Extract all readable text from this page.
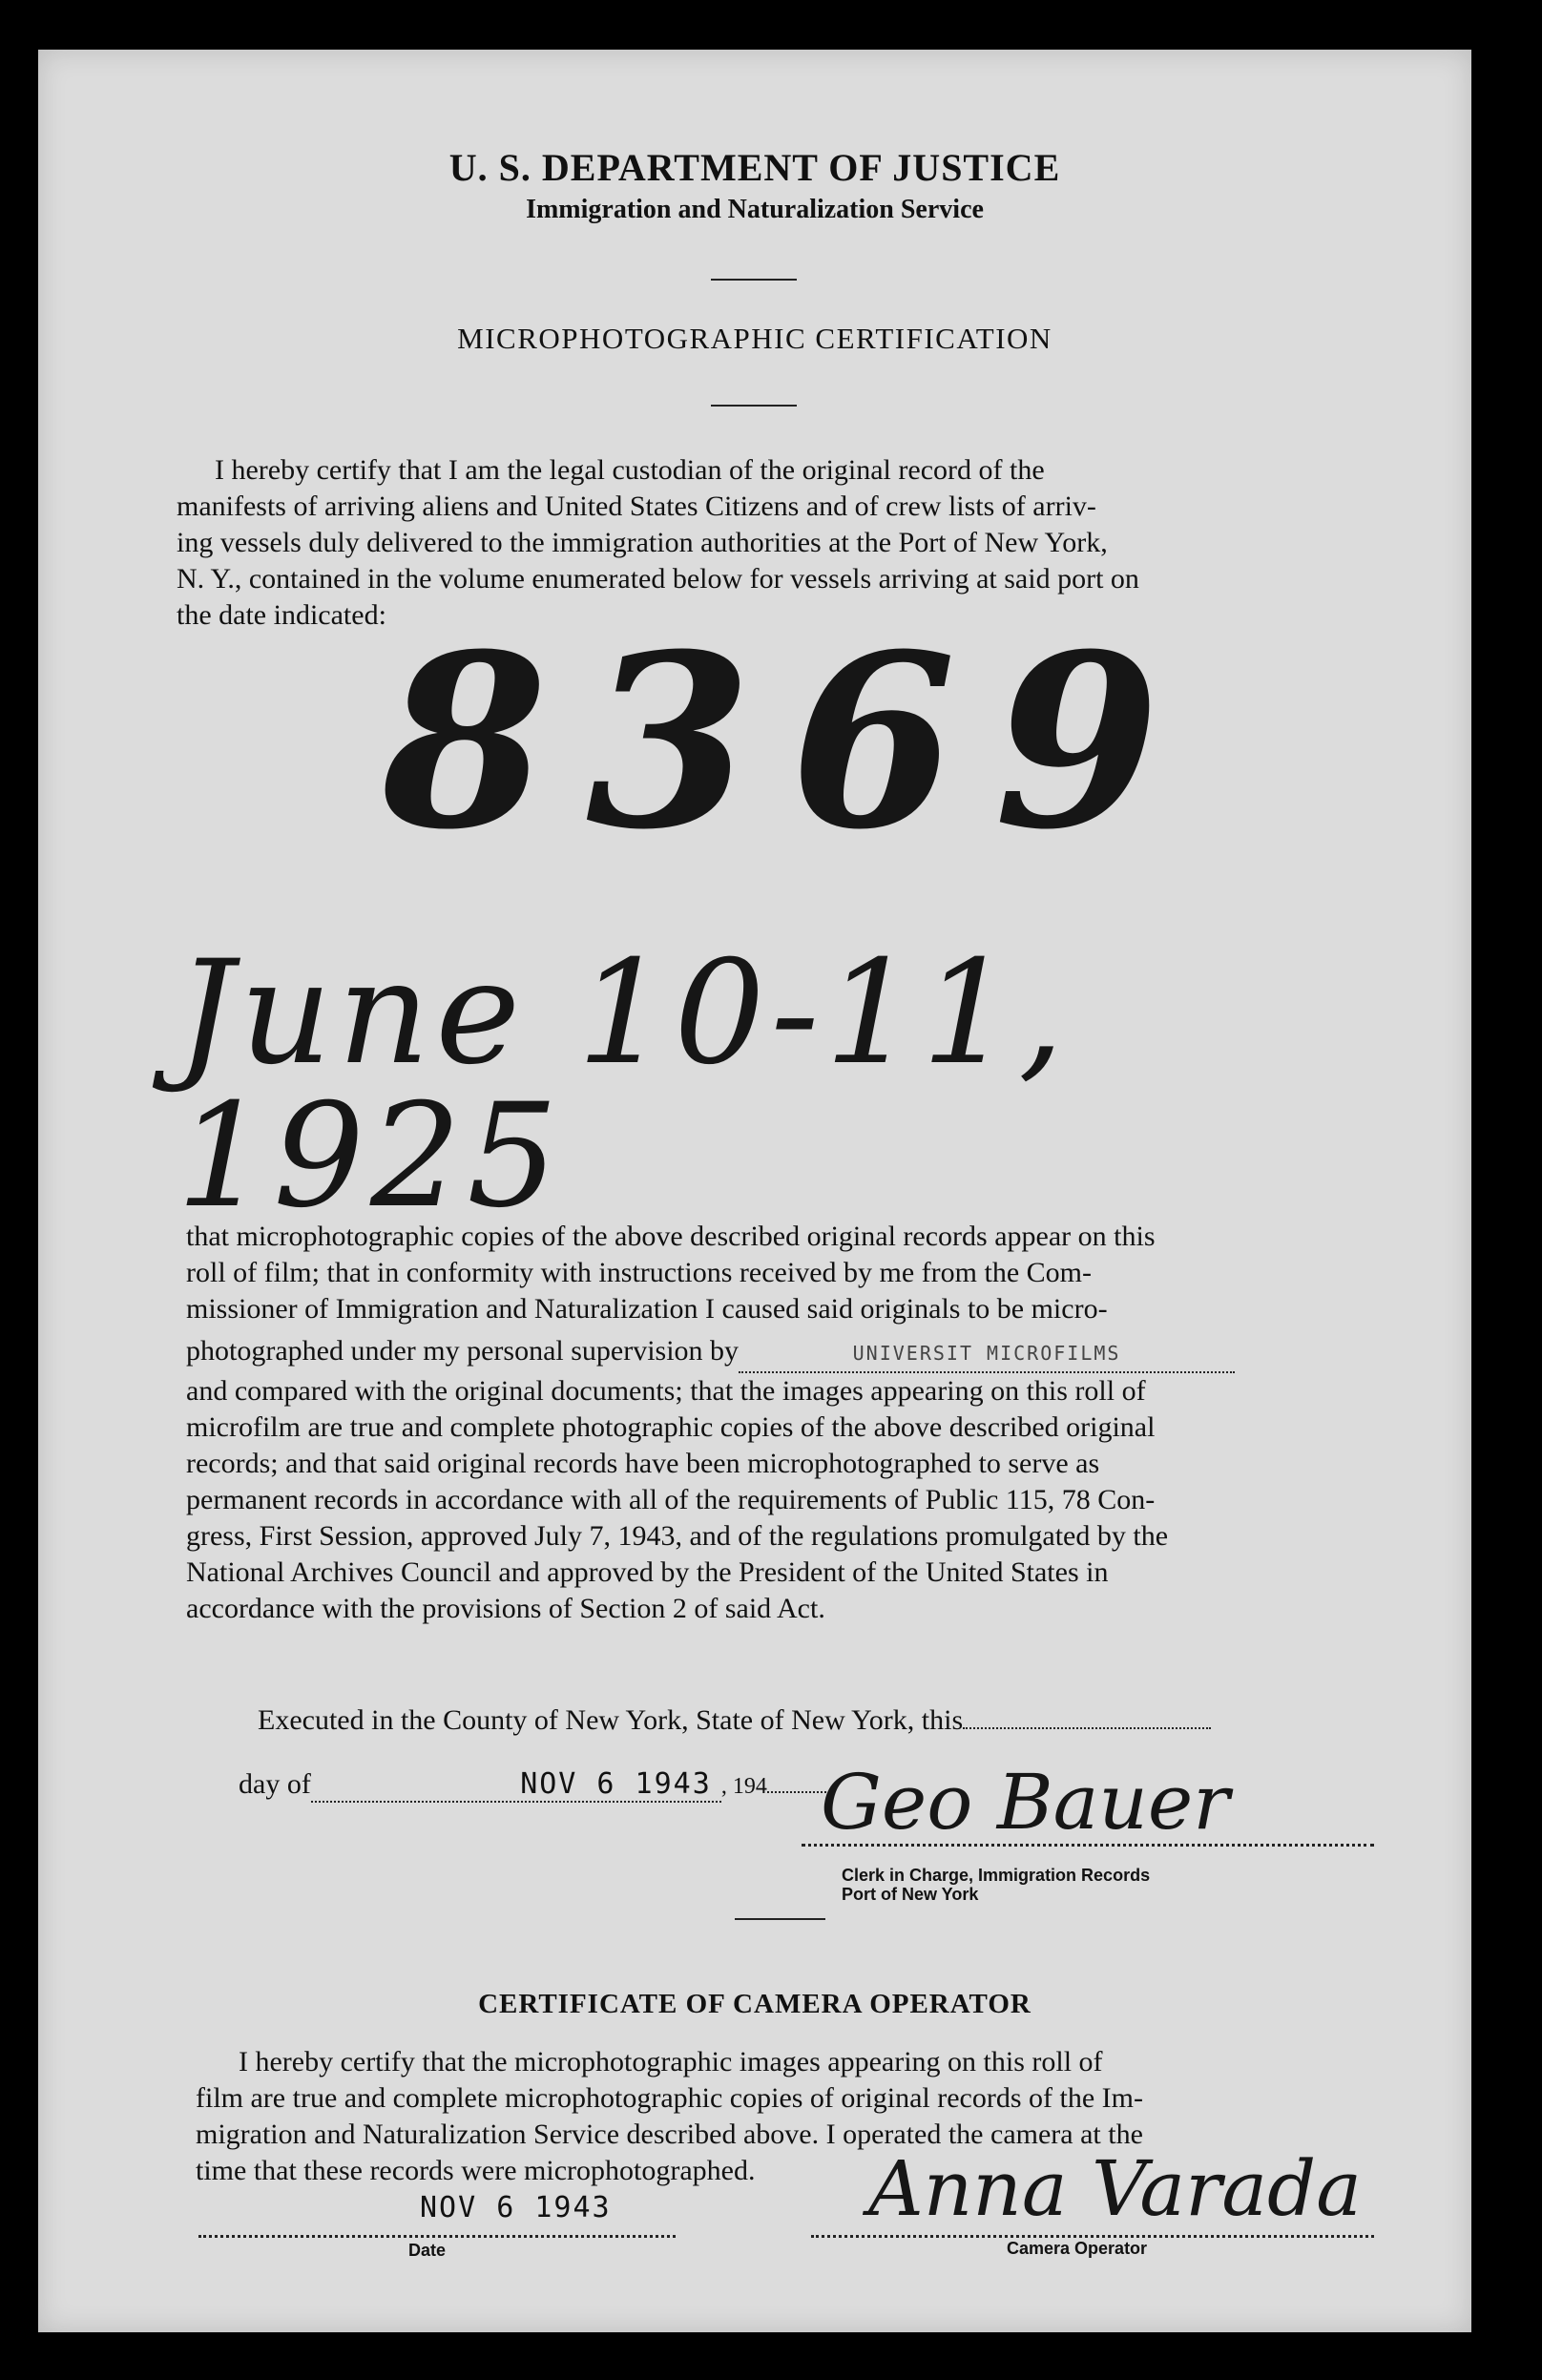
U. S. DEPARTMENT OF JUSTICE
Immigration and Naturalization Service
MICROPHOTOGRAPHIC CERTIFICATION
I hereby certify that I am the legal custodian of the original record of the
manifests of arriving aliens and United States Citizens and of crew lists of arriv-
ing vessels duly delivered to the immigration authorities at the Port of New York,
N. Y., contained in the volume enumerated below for vessels arriving at said port on
the date indicated:
8369
June 10-11, 1925
that microphotographic copies of the above described original records appear on this
roll of film; that in conformity with instructions received by me from the Com-
missioner of Immigration and Naturalization I caused said originals to be micro-
photographed under my personal supervision by	UNIVERSIT MICROFILMS
and compared with the original documents; that the images appearing on this roll of
microfilm are true and complete photographic copies of the above described original
records; and that said original records have been microphotographed to serve as
permanent records in accordance with all of the requirements of Public 115, 78 Con-
gress, First Session, approved July 7, 1943, and of the regulations promulgated by the
National Archives Council and approved by the President of the United States in
accordance with the provisions of Section 2 of said Act.
Executed in the County of New York, State of New York, this
day of	NOV 6 1943 , 194 Geo Bauer
Clerk in Charge, Immigration Records
Port of New York
CERTIFICATE OF CAMERA OPERATOR
I hereby certify that the microphotographic images appearing on this roll of
film are true and complete microphotographic copies of original records of the Im-
migration and Naturalization Service described above. I operated the camera at the
time that these records were microphotographed.
NOV 6 1943
Date
Anna Varada
Camera Operator
